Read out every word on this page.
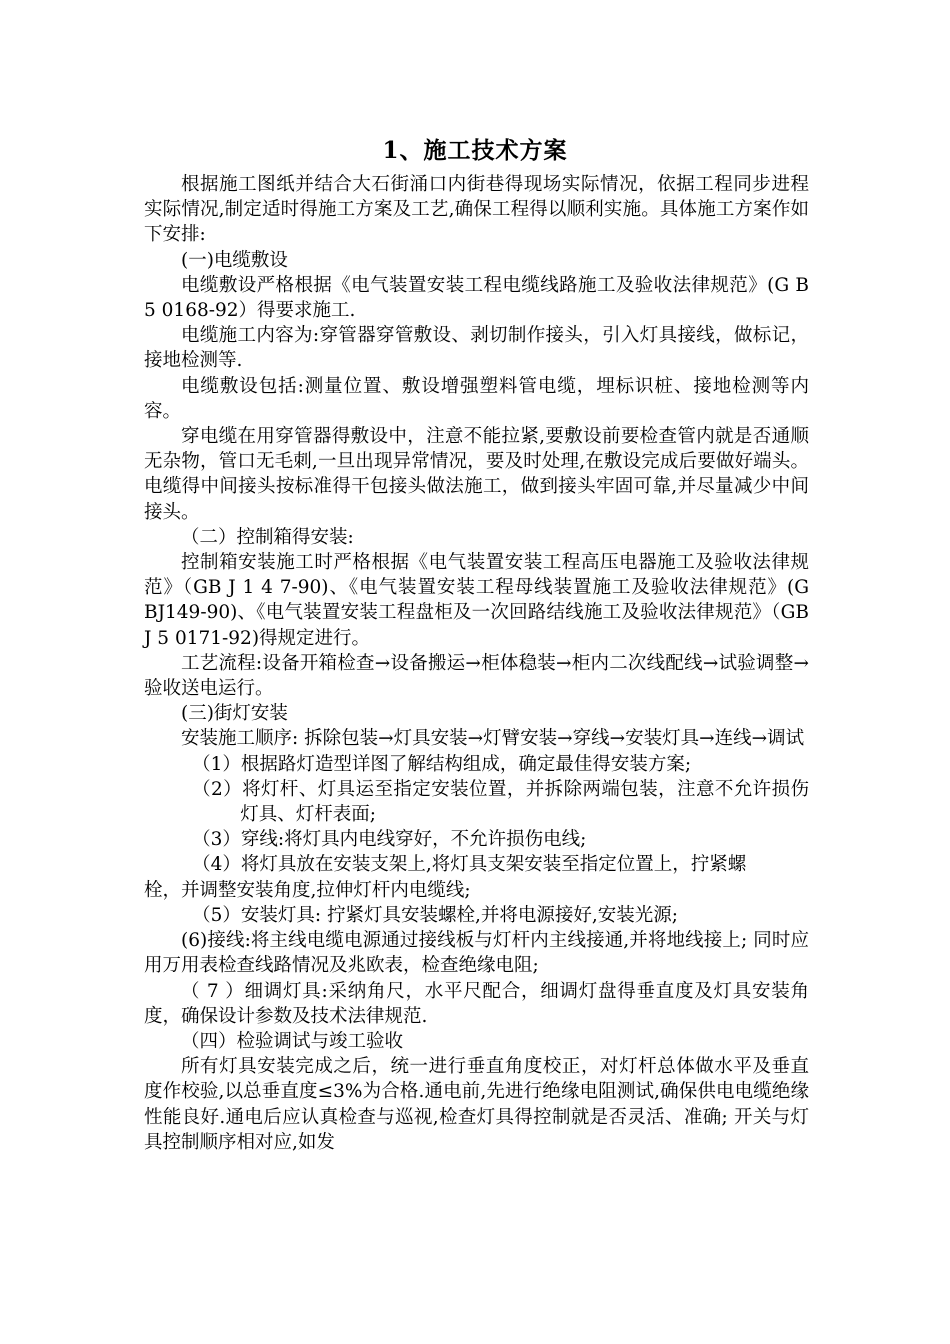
1、施工技术方案

根据施工图纸并结合大石街涌口内街巷得现场实际情况，依据工程同步进程实际情况,制定适时得施工方案及工艺,确保工程得以顺利实施。具体施工方案作如下安排:

(一)电缆敷设

电缆敷设严格根据《电气装置安装工程电缆线路施工及验收法律规范》(G B 5 0168-92）得要求施工.

电缆施工内容为:穿管器穿管敷设、剥切制作接头，引入灯具接线，做标记，接地检测等.

电缆敷设包括:测量位置、敷设增强塑料管电缆，埋标识桩、接地检测等内容。

穿电缆在用穿管器得敷设中，注意不能拉紧,要敷设前要检查管内就是否通顺无杂物，管口无毛刺,一旦出现异常情况，要及时处理,在敷设完成后要做好端头。电缆得中间接头按标准得干包接头做法施工，做到接头牢固可靠,并尽量减少中间接头。

（二）控制箱得安装:

控制箱安装施工时严格根据《电气装置安装工程高压电器施工及验收法律规范》（GB J 1 4 7-90)、《电气装置安装工程母线装置施工及验收法律规范》(G BJ149-90)、《电气装置安装工程盘柜及一次回路结线施工及验收法律规范》（GB J 5 0171-92)得规定进行。

工艺流程:设备开箱检查→设备搬运→柜体稳装→柜内二次线配线→试验调整→验收送电运行。

(三)街灯安装

安装施工顺序: 拆除包装→灯具安装→灯臂安装→穿线→安装灯具→连线→调试

（1）根据路灯造型详图了解结构组成，确定最佳得安装方案;

（2）将灯杆、灯具运至指定安装位置，并拆除两端包装，注意不允许损伤灯具、灯杆表面;

（3）穿线:将灯具内电线穿好，不允许损伤电线;

（4）将灯具放在安装支架上,将灯具支架安装至指定位置上，拧紧螺

栓，并调整安装角度,拉伸灯杆内电缆线;

（5）安装灯具: 拧紧灯具安装螺栓,并将电源接好,安装光源;

(6)接线:将主线电缆电源通过接线板与灯杆内主线接通,并将地线接上; 同时应用万用表检查线路情况及兆欧表，检查绝缘电阻;

（ 7 ）细调灯具:采纳角尺，水平尺配合，细调灯盘得垂直度及灯具安装角度，确保设计参数及技术法律规范.

（四）检验调试与竣工验收

所有灯具安装完成之后，统一进行垂直角度校正，对灯杆总体做水平及垂直度作校验,以总垂直度≤3%为合格.通电前,先进行绝缘电阻测试,确保供电电缆绝缘性能良好.通电后应认真检查与巡视,检查灯具得控制就是否灵活、准确; 开关与灯具控制顺序相对应,如发
